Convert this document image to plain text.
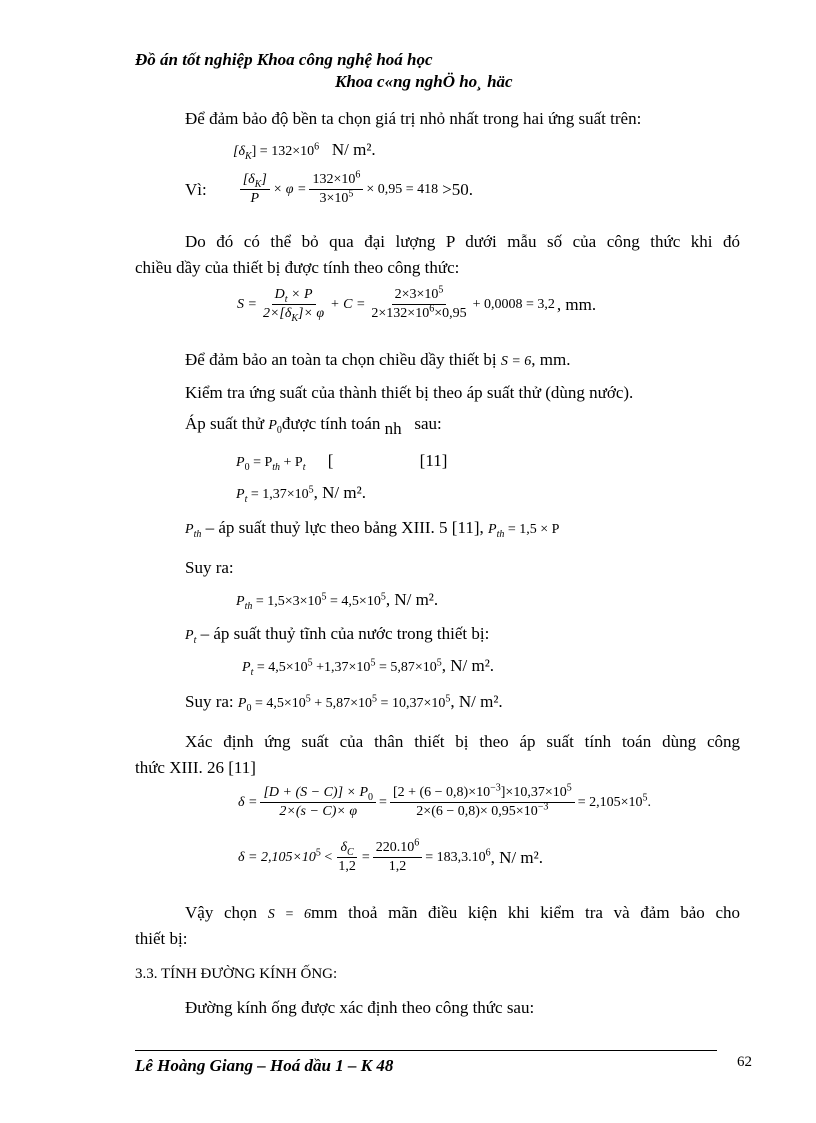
Đồ án tốt nghiệp Khoa công nghệ hoá học
Khoa c«ng nghÖ ho¸ häc
Để đảm bảo độ bền ta chọn giá trị nhỏ nhất trong hai ứng suất trên:
$[\delta_K] = 132\times 10^6$ N/ m².
Vì: $\frac{[\delta_K]}{P} \times \varphi = \frac{132\times 10^6}{3\times 10^5} \times 0,95 = 418 >50$.
Do đó có thể bỏ qua đại lượng P dưới mẫu số của công thức khi đó
chiều dầy của thiết bị được tính theo công thức:
$S = \frac{D_t \times P}{2\times[\delta_K]\times \varphi} + C = \frac{2\times 3\times 10^5}{2\times 132\times 10^6\times 0,95} + 0,0008 = 3,2$ , mm.
Để đảm bảo an toàn ta chọn chiều dầy thiết bị S = 6, mm.
Kiểm tra ứng suất của thành thiết bị theo áp suất thử (dùng nước).
Áp suất thử $P_0được$ tính toán nh sau:
$P_0 = P_{th} + P_t$ [	[11]
$P_t = 1,37\times 10^5$, N/ m².
$P_{th}$ – áp suất thuỷ lực theo bảng XIII. 5 [11], $P_{th} = 1,5 \times P$
Suy ra:
$P_{th} = 1,5\times 3\times 10^5 = 4,5\times 10^5$, N/ m².
$P_t$ – áp suất thuỷ tĩnh của nước trong thiết bị:
$P_t = 4,5\times 10^5 +1,37\times 10^5 = 5,87\times 10^5$, N/ m².
Suy ra: $P_0 = 4,5\times 10^5 + 5,87\times 10^5 = 10,37\times 10^5$, N/ m².
Xác định ứng suất của thân thiết bị theo áp suất tính toán dùng công
thức XIII. 26 [11]
$\delta = \frac{[D + (S - C)] \times P_0}{2\times(s - C)\times \varphi} = \frac{[2 + (6 - 0,8)\times 10^{-3}]\times 10,37\times 10^5}{2\times(6 - 0,8)\times 0,95\times 10^{-3}} = 2,105\times 10^5$.
$\delta = 2,105\times 10^5 < \frac{\delta_C}{1,2} = \frac{220.10^6}{1,2} = 183,3.10^6$ , N/ m².
Vậy chọn S = 6mm thoả mãn điều kiện khi kiểm tra và đảm bảo cho
thiết bị:
3.3. TÍNH ĐƯỜNG KÍNH ỐNG:
Đường kính ống được xác định theo công thức sau:
Lê Hoàng Giang – Hoá dầu 1 – K 48	62
